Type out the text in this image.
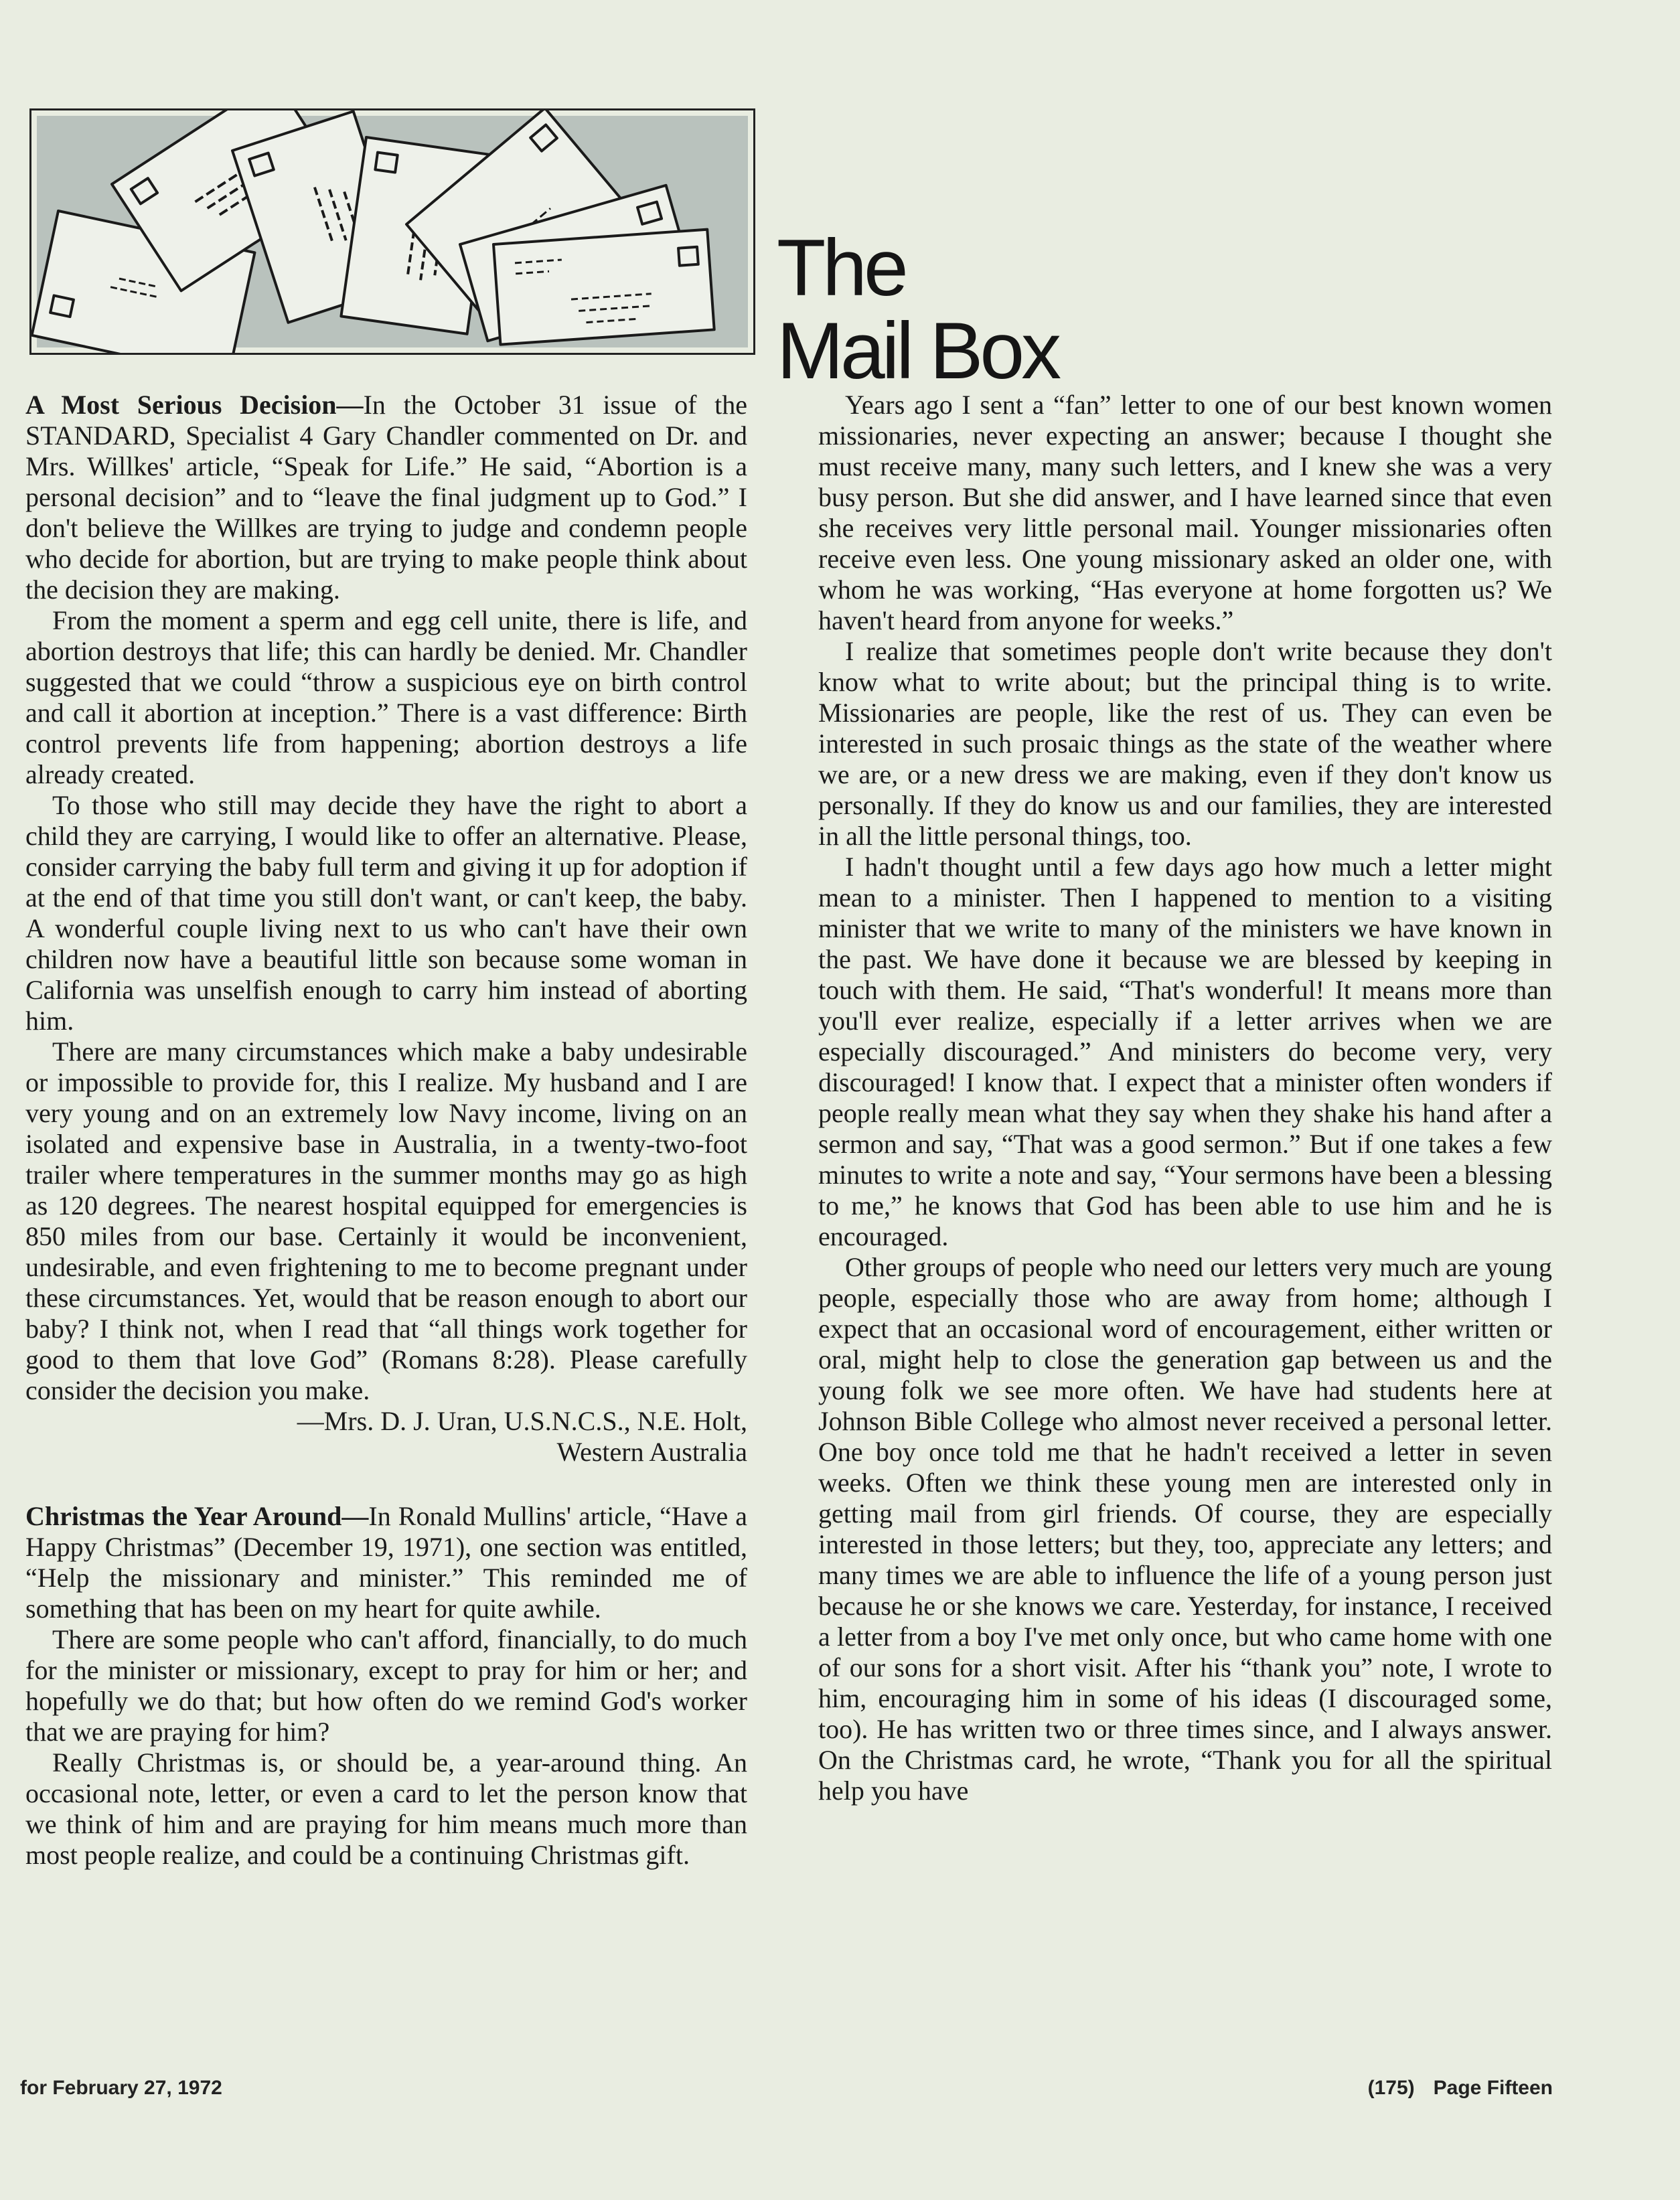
The
Mail Box

A Most Serious Decision—In the October 31 issue of the STANDARD, Specialist 4 Gary Chandler commented on Dr. and Mrs. Willkes' article, “Speak for Life.” He said, “Abortion is a personal decision” and to “leave the final judgment up to God.” I don't believe the Willkes are trying to judge and condemn people who decide for abortion, but are trying to make people think about the decision they are making.

From the moment a sperm and egg cell unite, there is life, and abortion destroys that life; this can hardly be denied. Mr. Chandler suggested that we could “throw a suspicious eye on birth control and call it abortion at inception.” There is a vast difference: Birth control prevents life from happening; abortion destroys a life already created.

To those who still may decide they have the right to abort a child they are carrying, I would like to offer an alternative. Please, consider carrying the baby full term and giving it up for adoption if at the end of that time you still don't want, or can't keep, the baby. A wonderful couple living next to us who can't have their own children now have a beautiful little son because some woman in California was unselfish enough to carry him instead of aborting him.

There are many circumstances which make a baby undesirable or impossible to provide for, this I realize. My husband and I are very young and on an extremely low Navy income, living on an isolated and expensive base in Australia, in a twenty-two-foot trailer where temperatures in the summer months may go as high as 120 degrees. The nearest hospital equipped for emergencies is 850 miles from our base. Certainly it would be inconvenient, undesirable, and even frightening to me to become pregnant under these circumstances. Yet, would that be reason enough to abort our baby? I think not, when I read that “all things work together for good to them that love God” (Romans 8:28). Please carefully consider the decision you make.

—Mrs. D. J. Uran, U.S.N.C.S., N.E. Holt,
Western Australia

Christmas the Year Around—In Ronald Mullins' article, “Have a Happy Christmas” (December 19, 1971), one section was entitled, “Help the missionary and minister.” This reminded me of something that has been on my heart for quite awhile.

There are some people who can't afford, financially, to do much for the minister or missionary, except to pray for him or her; and hopefully we do that; but how often do we remind God's worker that we are praying for him?

Really Christmas is, or should be, a year-around thing. An occasional note, letter, or even a card to let the person know that we think of him and are praying for him means much more than most people realize, and could be a continuing Christmas gift.

Years ago I sent a “fan” letter to one of our best known women missionaries, never expecting an answer; because I thought she must receive many, many such letters, and I knew she was a very busy person. But she did answer, and I have learned since that even she receives very little personal mail. Younger missionaries often receive even less. One young missionary asked an older one, with whom he was working, “Has everyone at home forgotten us? We haven't heard from anyone for weeks.”

I realize that sometimes people don't write because they don't know what to write about; but the principal thing is to write. Missionaries are people, like the rest of us. They can even be interested in such prosaic things as the state of the weather where we are, or a new dress we are making, even if they don't know us personally. If they do know us and our families, they are interested in all the little personal things, too.

I hadn't thought until a few days ago how much a letter might mean to a minister. Then I happened to mention to a visiting minister that we write to many of the ministers we have known in the past. We have done it because we are blessed by keeping in touch with them. He said, “That's wonderful! It means more than you'll ever realize, especially if a letter arrives when we are especially discouraged.” And ministers do become very, very discouraged! I know that. I expect that a minister often wonders if people really mean what they say when they shake his hand after a sermon and say, “That was a good sermon.” But if one takes a few minutes to write a note and say, “Your sermons have been a blessing to me,” he knows that God has been able to use him and he is encouraged.

Other groups of people who need our letters very much are young people, especially those who are away from home; although I expect that an occasional word of encouragement, either written or oral, might help to close the generation gap between us and the young folk we see more often. We have had students here at Johnson Bible College who almost never received a personal letter. One boy once told me that he hadn't received a letter in seven weeks. Often we think these young men are interested only in getting mail from girl friends. Of course, they are especially interested in those letters; but they, too, appreciate any letters; and many times we are able to influence the life of a young person just because he or she knows we care. Yesterday, for instance, I received a letter from a boy I've met only once, but who came home with one of our sons for a short visit. After his “thank you” note, I wrote to him, encouraging him in some of his ideas (I discouraged some, too). He has written two or three times since, and I always answer. On the Christmas card, he wrote, “Thank you for all the spiritual help you have

for February 27, 1972	(175) Page Fifteen
